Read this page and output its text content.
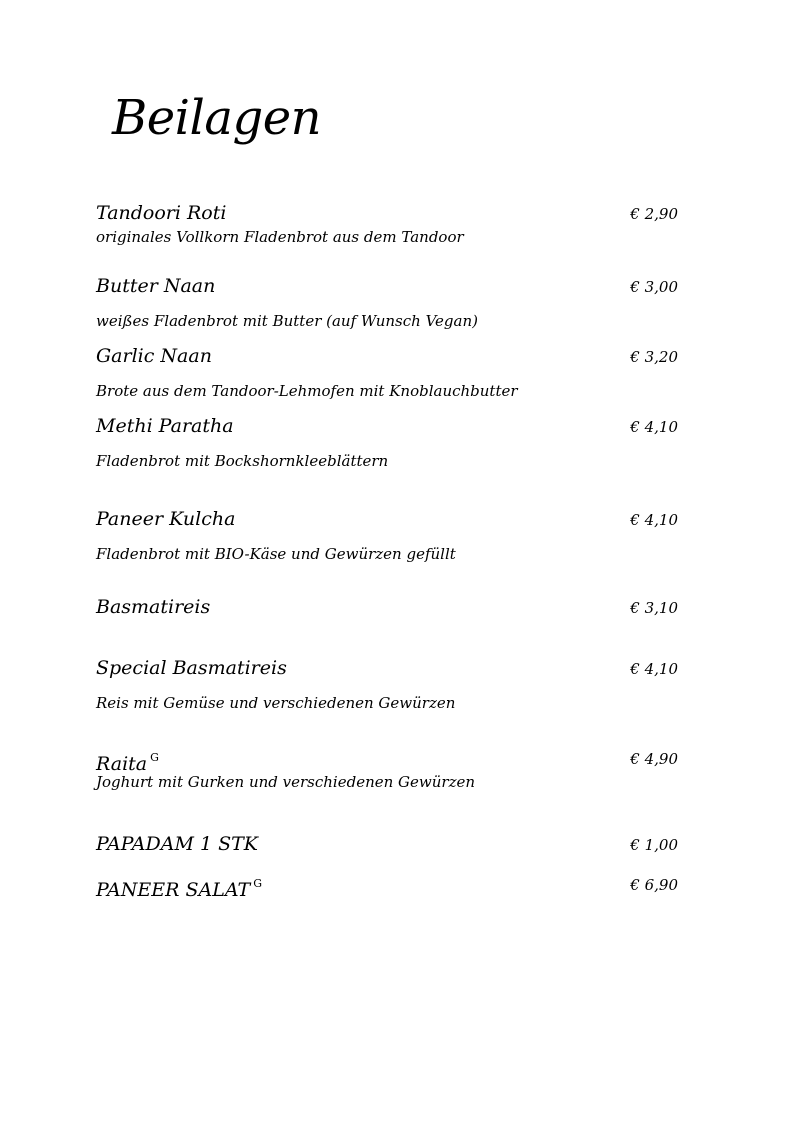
Beilagen
Tandoori Roti	€ 2,90
originales Vollkorn Fladenbrot aus dem Tandoor
Butter Naan	€ 3,00
weißes Fladenbrot mit Butter (auf Wunsch Vegan)
Garlic Naan	€ 3,20
Brote aus dem Tandoor-Lehmofen mit Knoblauchbutter
Methi Paratha	€ 4,10
Fladenbrot mit Bockshornkleeblättern
Paneer Kulcha	€ 4,10
Fladenbrot mit BIO-Käse und Gewürzen gefüllt
Basmatireis	€ 3,10
Special Basmatireis	€ 4,10
Reis mit Gemüse und verschiedenen Gewürzen
Raita $^G$	€ 4,90
Joghurt mit Gurken und verschiedenen Gewürzen
PAPADAM 1 STK	€ 1,00
PANEER SALAT $^G$	€ 6,90
